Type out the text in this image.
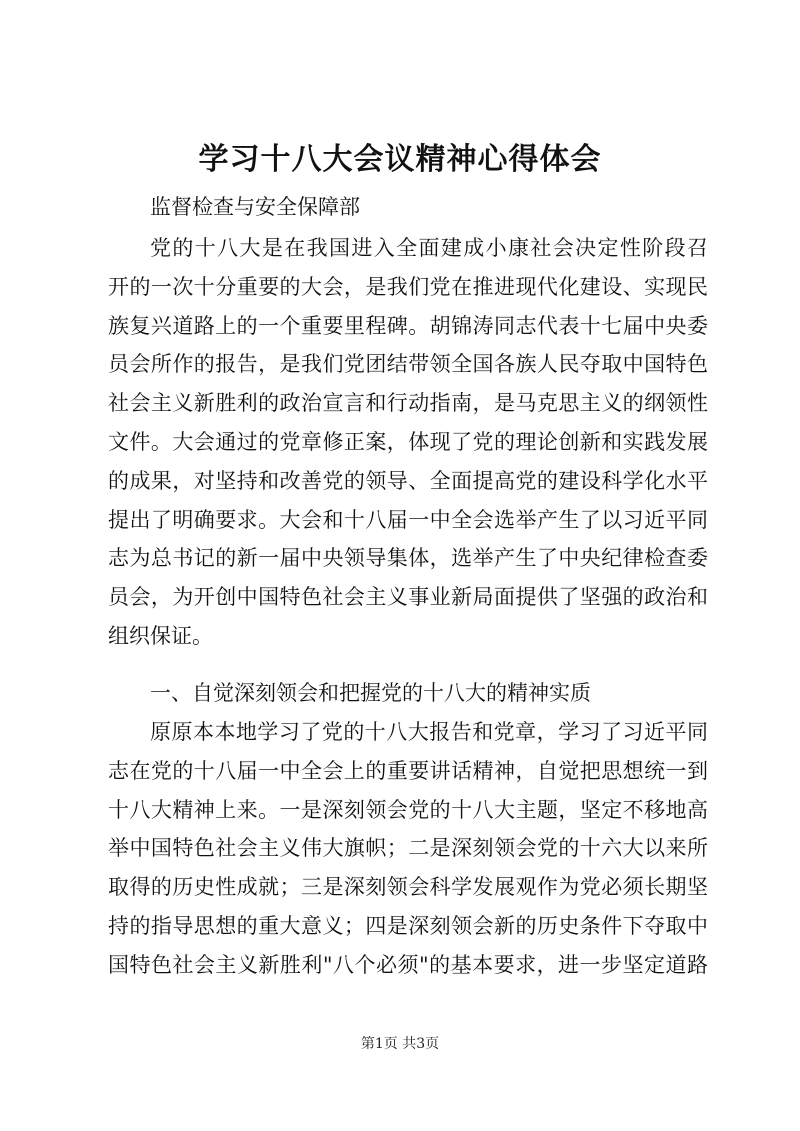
学习十八大会议精神心得体会
监督检查与安全保障部
党的十八大是在我国进入全面建成小康社会决定性阶段召
开的一次十分重要的大会，是我们党在推进现代化建设、实现民
族复兴道路上的一个重要里程碑。胡锦涛同志代表十七届中央委
员会所作的报告，是我们党团结带领全国各族人民夺取中国特色
社会主义新胜利的政治宣言和行动指南，是马克思主义的纲领性
文件。大会通过的党章修正案，体现了党的理论创新和实践发展
的成果，对坚持和改善党的领导、全面提高党的建设科学化水平
提出了明确要求。大会和十八届一中全会选举产生了以习近平同
志为总书记的新一届中央领导集体，选举产生了中央纪律检查委
员会，为开创中国特色社会主义事业新局面提供了坚强的政治和
组织保证。
一、自觉深刻领会和把握党的十八大的精神实质
原原本本地学习了党的十八大报告和党章，学习了习近平同
志在党的十八届一中全会上的重要讲话精神，自觉把思想统一到
十八大精神上来。一是深刻领会党的十八大主题，坚定不移地高
举中国特色社会主义伟大旗帜；二是深刻领会党的十六大以来所
取得的历史性成就；三是深刻领会科学发展观作为党必须长期坚
持的指导思想的重大意义；四是深刻领会新的历史条件下夺取中
国特色社会主义新胜利"八个必须"的基本要求，进一步坚定道路
第1页 共3页
